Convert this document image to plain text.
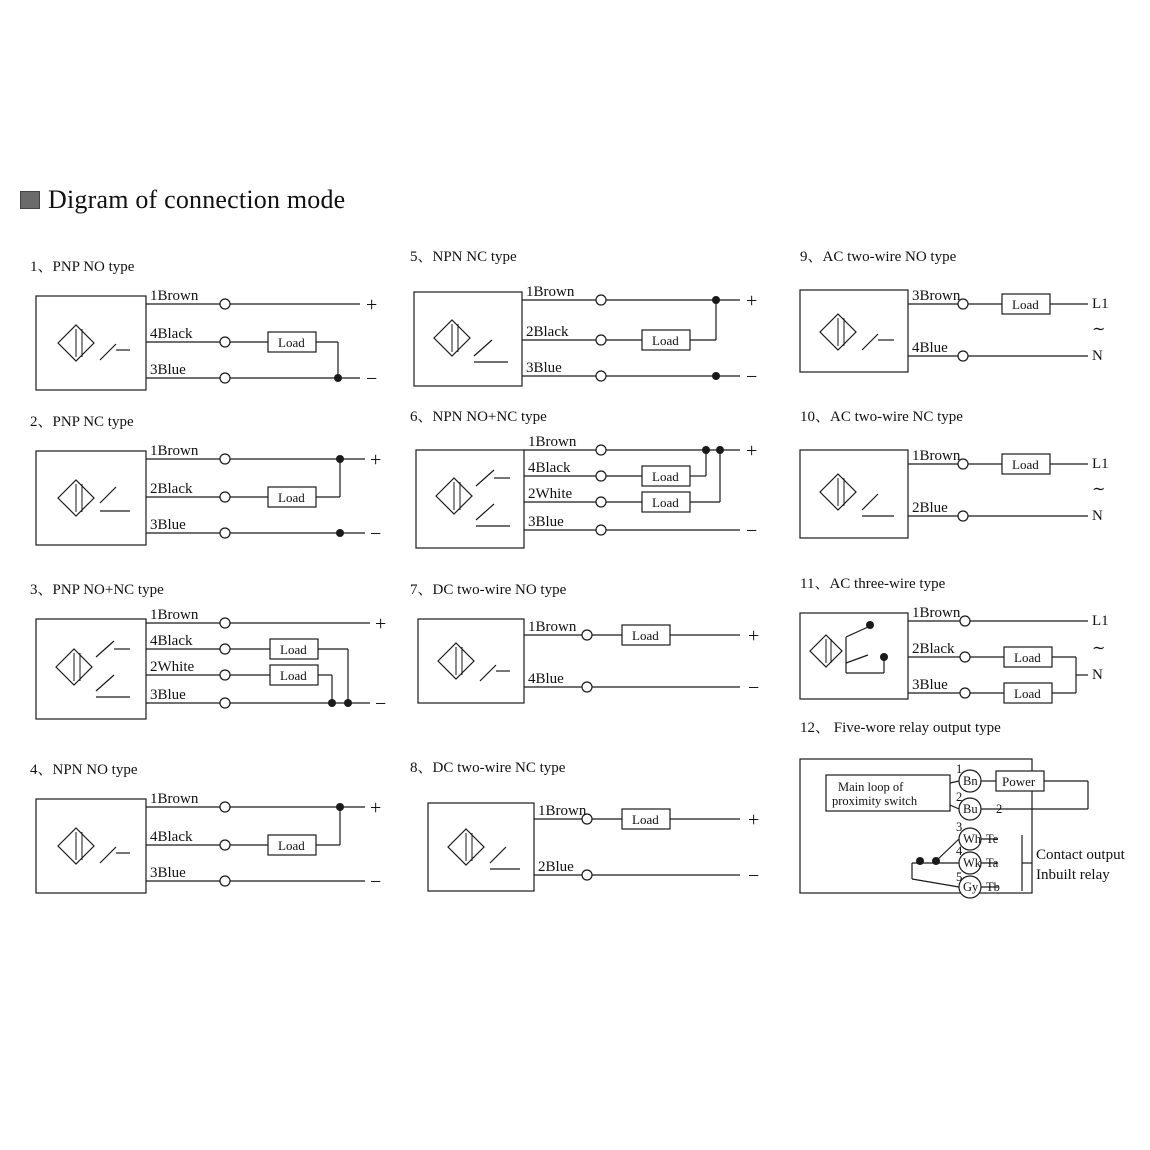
Digram of connection mode
1、PNP NO type
1Brown
4Black
3Blue
Load
+
−
2、PNP NC type
1Brown
2Black
3Blue
Load
+
−
3、PNP NO+NC type
1Brown
4Black
2White
3Blue
Load
Load
+
−
4、NPN NO type
1Brown
4Black
3Blue
Load
+
−
5、NPN NC type
1Brown
2Black
3Blue
Load
+
−
6、NPN NO+NC type
1Brown
4Black
2White
3Blue
Load
Load
+
−
7、DC two-wire NO type
1Brown
4Blue
Load	+
−
8、DC two-wire NC type
1Brown
2Blue
Load	+
−
9、AC two-wire NO type
3Brown
4Blue
Load	L1
N
∼
10、AC two-wire NC type
1Brown
2Blue
Load	L1
N
∼
11、AC three-wire type
1Brown
2Black
3Blue
Load
Load
L1
N
∼
12、 Five-wore relay output type
Main loop of
proximity switch
Bn
1
Bu
2
Wh
3
Wk
4
Gy
5
Power
2
Te
Ta
Tb
Contact output
Inbuilt relay
